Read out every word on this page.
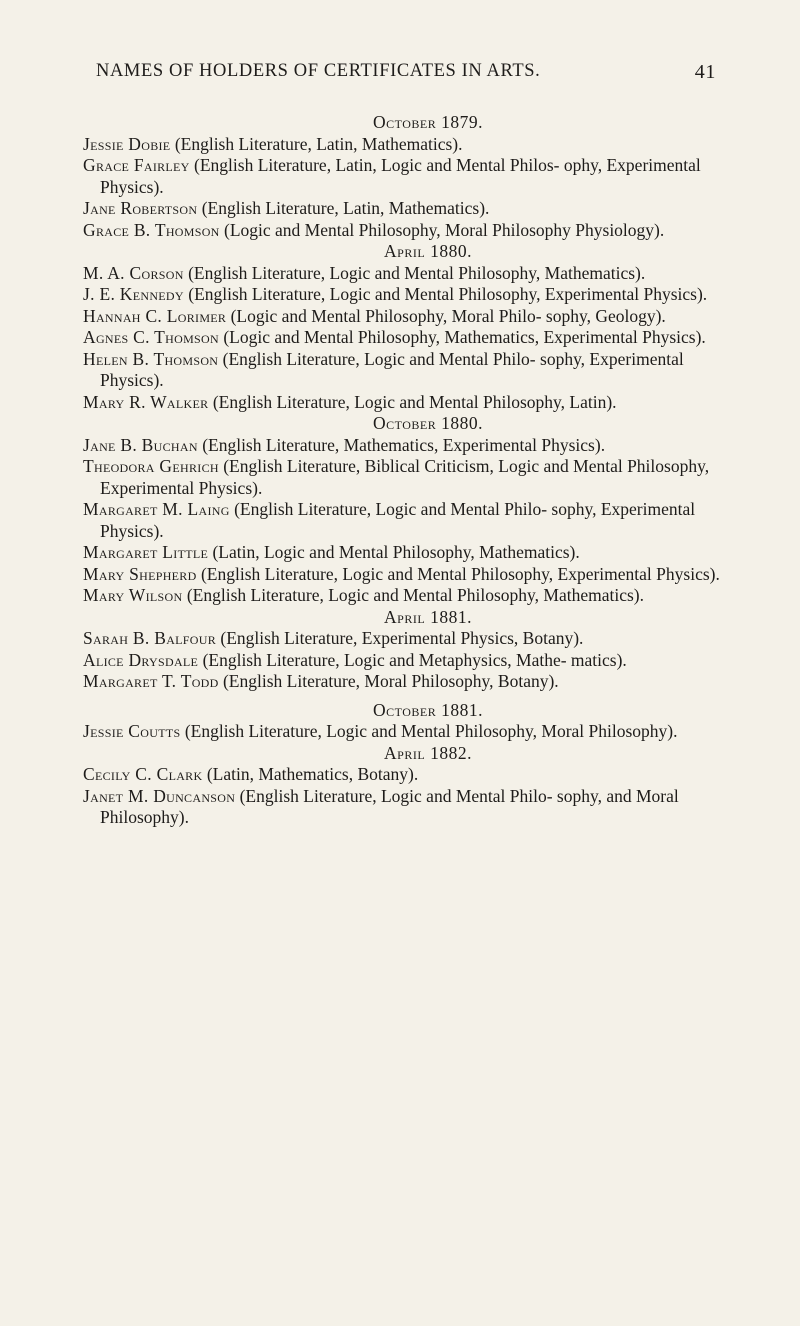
NAMES OF HOLDERS OF CERTIFICATES IN ARTS.	41
October 1879.
Jessie Dobie (English Literature, Latin, Mathematics).
Grace Fairley (English Literature, Latin, Logic and Mental Philos- ophy, Experimental Physics).
Jane Robertson (English Literature, Latin, Mathematics).
Grace B. Thomson (Logic and Mental Philosophy, Moral Philosophy Physiology).
April 1880.
M. A. Corson (English Literature, Logic and Mental Philosophy, Mathematics).
J. E. Kennedy (English Literature, Logic and Mental Philosophy, Experimental Physics).
Hannah C. Lorimer (Logic and Mental Philosophy, Moral Philo- sophy, Geology).
Agnes C. Thomson (Logic and Mental Philosophy, Mathematics, Experimental Physics).
Helen B. Thomson (English Literature, Logic and Mental Philo- sophy, Experimental Physics).
Mary R. Walker (English Literature, Logic and Mental Philosophy, Latin).
October 1880.
Jane B. Buchan (English Literature, Mathematics, Experimental Physics).
Theodora Gehrich (English Literature, Biblical Criticism, Logic and Mental Philosophy, Experimental Physics).
Margaret M. Laing (English Literature, Logic and Mental Philo- sophy, Experimental Physics).
Margaret Little (Latin, Logic and Mental Philosophy, Mathematics).
Mary Shepherd (English Literature, Logic and Mental Philosophy, Experimental Physics).
Mary Wilson (English Literature, Logic and Mental Philosophy, Mathematics).
April 1881.
Sarah B. Balfour (English Literature, Experimental Physics, Botany).
Alice Drysdale (English Literature, Logic and Metaphysics, Mathe- matics).
Margaret T. Todd (English Literature, Moral Philosophy, Botany).
October 1881.
Jessie Coutts (English Literature, Logic and Mental Philosophy, Moral Philosophy).
April 1882.
Cecily C. Clark (Latin, Mathematics, Botany).
Janet M. Duncanson (English Literature, Logic and Mental Philo- sophy, and Moral Philosophy).
